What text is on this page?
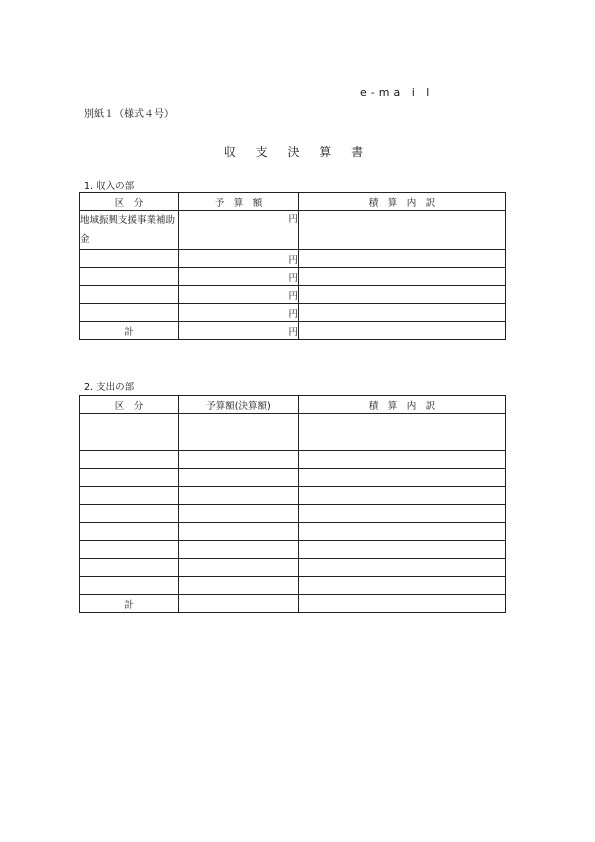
e-ma i l
別紙１（様式４号）
収 支 決 算 書
1. 収入の部
区　分	予　算　額	積　算　内　訳
地域振興支援事業補助金	円	
	円	
	円	
	円	
	円	
計	円	
2. 支出の部
区　分	予算額(決算額)	積　算　内　訳

計		
